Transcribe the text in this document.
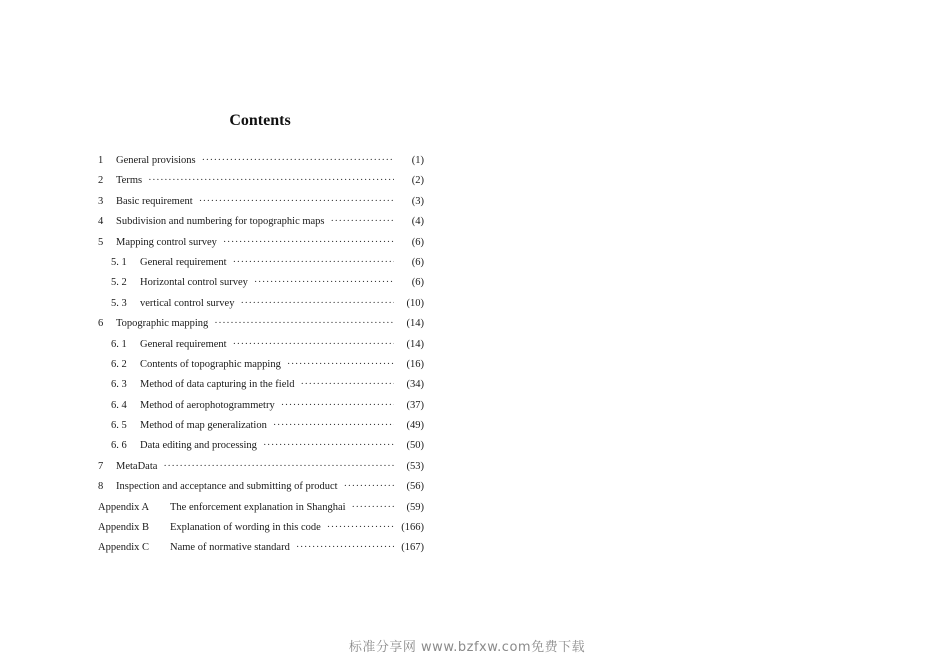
Contents
1	General provisions ·····	(1)
2	Terms ·····	(2)
3	Basic requirement ·····	(3)
4	Subdivision and numbering for topographic maps ·····	(4)
5	Mapping control survey ·····	(6)
5. 1	General requirement ·····	(6)
5. 2	Horizontal control survey ·····	(6)
5. 3	vertical control survey ·····	(10)
6	Topographic mapping ·····	(14)
6. 1	General requirement ·····	(14)
6. 2	Contents of topographic mapping ·····	(16)
6. 3	Method of data capturing in the field ·····	(34)
6. 4	Method of aerophotogrammetry ·····	(37)
6. 5	Method of map generalization ·····	(49)
6. 6	Data editing and processing ·····	(50)
7	MetaData ·····	(53)
8	Inspection and acceptance and submitting of product ·····	(56)
Appendix A	The enforcement explanation in Shanghai ·····	(59)
Appendix B	Explanation of wording in this code ·····	(166)
Appendix C	Name of normative standard ·····	(167)
标准分享网 www.bzfxw.com免费下载
